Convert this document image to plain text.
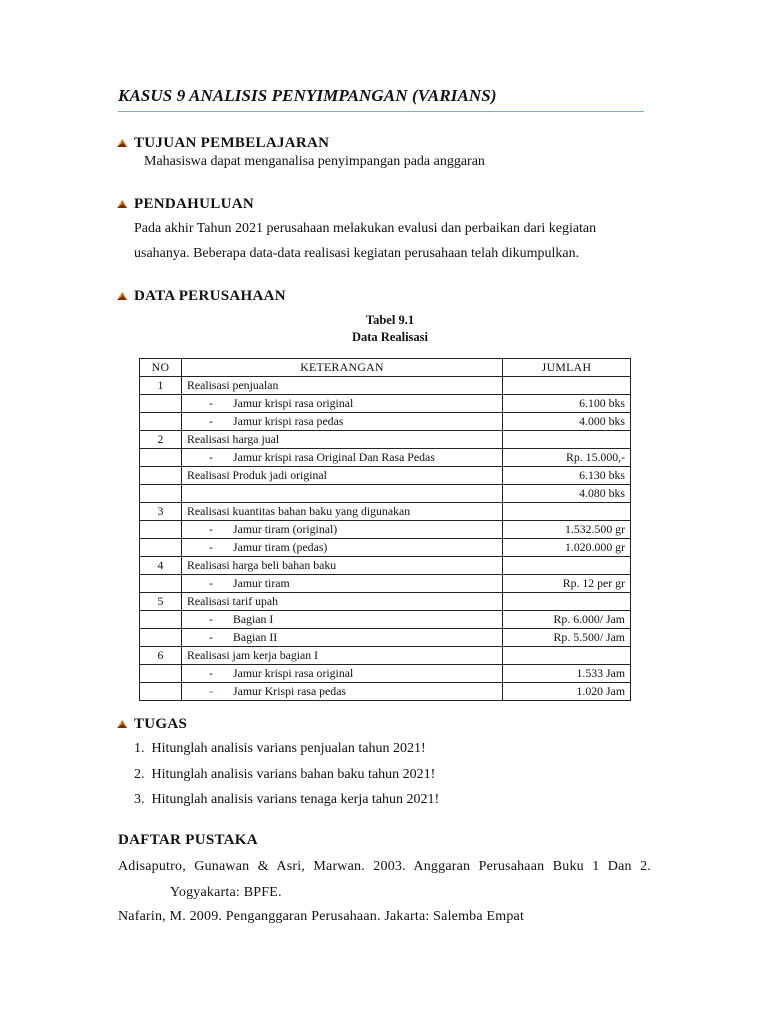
KASUS 9 ANALISIS PENYIMPANGAN (VARIANS)
TUJUAN PEMBELAJARAN
Mahasiswa dapat menganalisa penyimpangan pada anggaran
PENDAHULUAN
Pada akhir Tahun 2021 perusahaan melakukan evalusi dan perbaikan dari kegiatan
usahanya. Beberapa data-data realisasi kegiatan perusahaan telah dikumpulkan.
DATA PERUSAHAAN
Tabel 9.1
Data Realisasi
NO	KETERANGAN	JUMLAH
1	Realisasi penjualan	
	- Jamur krispi rasa original	6.100 bks
	- Jamur krispi rasa pedas	4.000 bks
2	Realisasi harga jual	
	- Jamur krispi rasa Original Dan Rasa Pedas	Rp. 15.000,-
	Realisasi Produk jadi original	6.130 bks
		4.080 bks
3	Realisasi kuantitas bahan baku yang digunakan	
	- Jamur tiram (original)	1.532.500 gr
	- Jamur tiram (pedas)	1.020.000 gr
4	Realisasi harga beli bahan baku	
	- Jamur tiram	Rp. 12 per gr
5	Realisasi tarif upah	
	- Bagian I	Rp. 6.000/ Jam
	- Bagian II	Rp. 5.500/ Jam
6	Realisasi jam kerja bagian I	
	- Jamur krispi rasa original	1.533 Jam
	- Jamur Krispi rasa pedas	1.020 Jam
TUGAS
1.  Hitunglah analisis varians penjualan tahun 2021!
2.  Hitunglah analisis varians bahan baku tahun 2021!
3.  Hitunglah analisis varians tenaga kerja tahun 2021!
DAFTAR PUSTAKA
Adisaputro, Gunawan & Asri, Marwan. 2003. Anggaran Perusahaan Buku 1 Dan 2.
Yogyakarta: BPFE.
Nafarin, M. 2009. Penganggaran Perusahaan. Jakarta: Salemba Empat
